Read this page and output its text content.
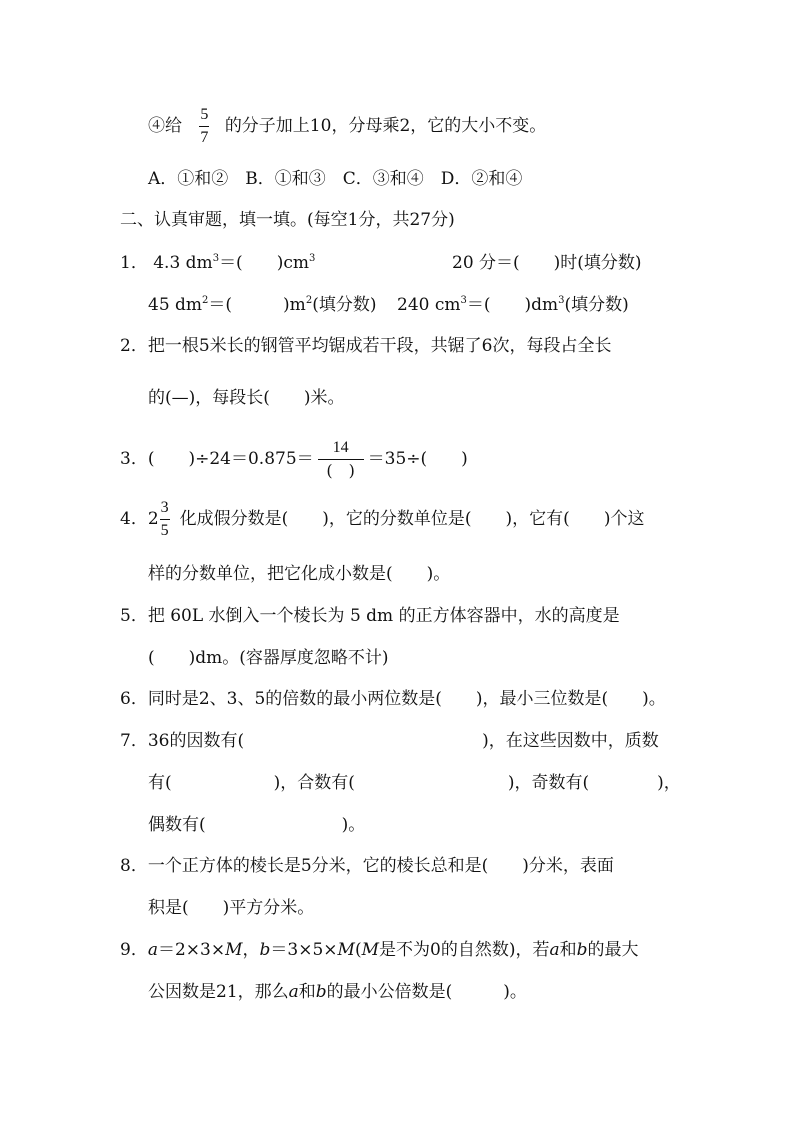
④给 $\frac{5}{7}$ 的分子加上10，分母乘2，它的大小不变。
A．①和②　B．①和③　C．③和④　D．②和④
二、认真审题，填一填。(每空1分，共27分)
1． 4.3 $dm^3=$(　　)$cm^3$	20 分＝(　　)时(填分数)
45 $dm^2=$(　　　)$m^2$(填分数) 240 $cm^3=$(　　)$dm^3$(填分数)
2．把一根5米长的钢管平均锯成若干段，共锯了6次，每段占全长
的(—)，每段长(　　)米。
3．(　　)$\div 24=0.875= \frac{14}{( )} =35\div$(　　)
4．$2 \frac{3}{5}$ 化成假分数是(　　)，它的分数单位是(　　)，它有(　　)个这
样的分数单位，把它化成小数是(　　)。
5．把 60L 水倒入一个棱长为 5 dm 的正方体容器中，水的高度是
(　　)dm。(容器厚度忽略不计)
6．同时是2、3、5的倍数的最小两位数是(　　)，最小三位数是(　　)。
7．36的因数有(　　　　　　　　　　　　　　)，在这些因数中，质数
有(　　　　　　)，合数有(　　　　　　　　　)，奇数有(　　　　)，
偶数有(　　　　　　　　)。
8．一个正方体的棱长是5分米，它的棱长总和是(　　)分米，表面
积是(　　)平方分米。
9．a＝2×3×M，b＝3×5×M(M是不为0的自然数)，若a和b的最大
公因数是21，那么a和b的最小公倍数是(　　　)。
